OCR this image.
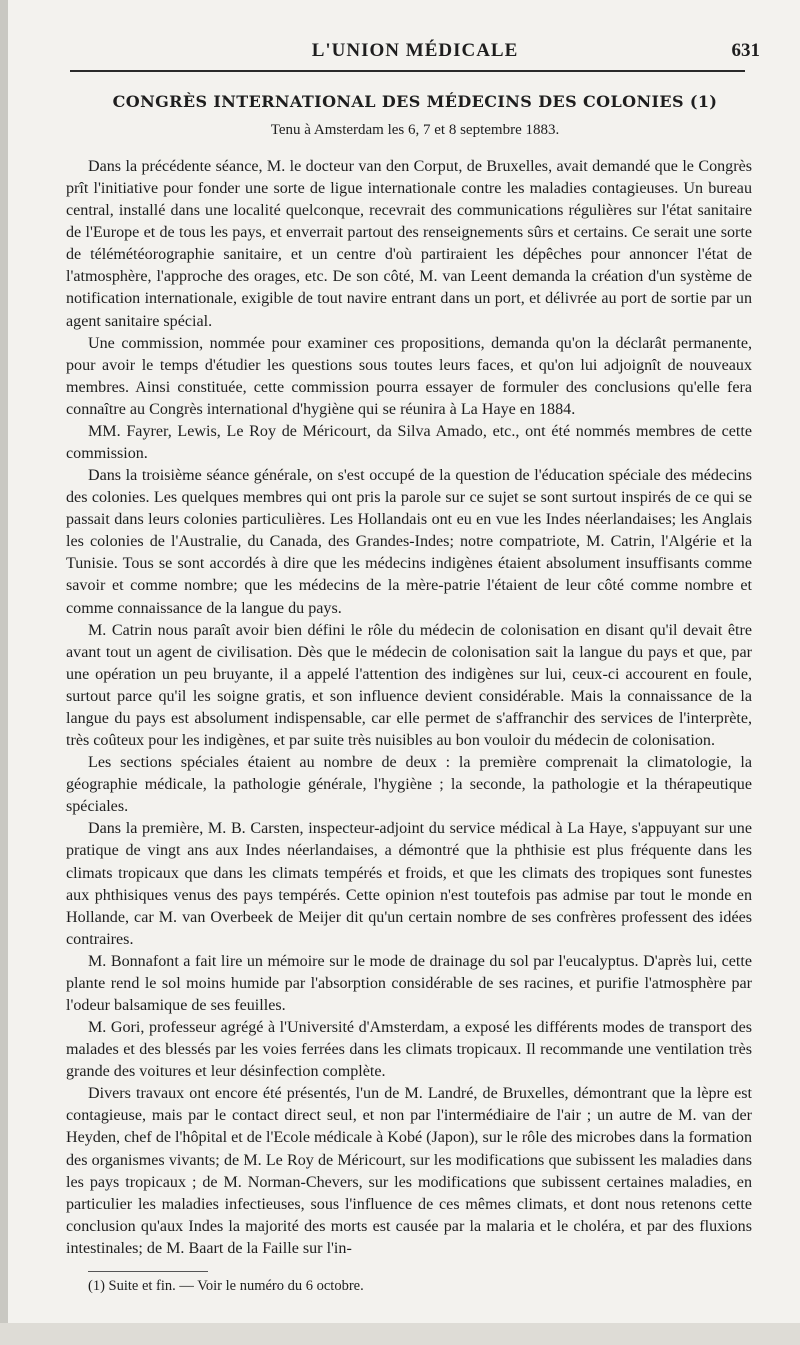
L'UNION MÉDICALE	631
CONGRÈS INTERNATIONAL DES MÉDECINS DES COLONIES (1)
Tenu à Amsterdam les 6, 7 et 8 septembre 1883.

Dans la précédente séance, M. le docteur van den Corput, de Bruxelles, avait demandé que le Congrès prît l'initiative pour fonder une sorte de ligue internationale contre les maladies contagieuses. Un bureau central, installé dans une localité quelconque, recevrait des communications régulières sur l'état sanitaire de l'Europe et de tous les pays, et enverrait partout des renseignements sûrs et certains. Ce serait une sorte de télémétéorographie sanitaire, et un centre d'où partiraient les dépêches pour annoncer l'état de l'atmosphère, l'approche des orages, etc. De son côté, M. van Leent demanda la création d'un système de notification internationale, exigible de tout navire entrant dans un port, et délivrée au port de sortie par un agent sanitaire spécial.

Une commission, nommée pour examiner ces propositions, demanda qu'on la déclarât permanente, pour avoir le temps d'étudier les questions sous toutes leurs faces, et qu'on lui adjoignît de nouveaux membres. Ainsi constituée, cette commission pourra essayer de formuler des conclusions qu'elle fera connaître au Congrès international d'hygiène qui se réunira à La Haye en 1884.

MM. Fayrer, Lewis, Le Roy de Méricourt, da Silva Amado, etc., ont été nommés membres de cette commission.

Dans la troisième séance générale, on s'est occupé de la question de l'éducation spéciale des médecins des colonies. Les quelques membres qui ont pris la parole sur ce sujet se sont surtout inspirés de ce qui se passait dans leurs colonies particulières. Les Hollandais ont eu en vue les Indes néerlandaises; les Anglais les colonies de l'Australie, du Canada, des Grandes-Indes; notre compatriote, M. Catrin, l'Algérie et la Tunisie. Tous se sont accordés à dire que les médecins indigènes étaient absolument insuffisants comme savoir et comme nombre; que les médecins de la mère-patrie l'étaient de leur côté comme nombre et comme connaissance de la langue du pays.

M. Catrin nous paraît avoir bien défini le rôle du médecin de colonisation en disant qu'il devait être avant tout un agent de civilisation. Dès que le médecin de colonisation sait la langue du pays et que, par une opération un peu bruyante, il a appelé l'attention des indigènes sur lui, ceux-ci accourent en foule, surtout parce qu'il les soigne gratis, et son influence devient considérable. Mais la connaissance de la langue du pays est absolument indispensable, car elle permet de s'affranchir des services de l'interprète, très coûteux pour les indigènes, et par suite très nuisibles au bon vouloir du médecin de colonisation.

Les sections spéciales étaient au nombre de deux : la première comprenait la climatologie, la géographie médicale, la pathologie générale, l'hygiène ; la seconde, la pathologie et la thérapeutique spéciales.

Dans la première, M. B. Carsten, inspecteur-adjoint du service médical à La Haye, s'appuyant sur une pratique de vingt ans aux Indes néerlandaises, a démontré que la phthisie est plus fréquente dans les climats tropicaux que dans les climats tempérés et froids, et que les climats des tropiques sont funestes aux phthisiques venus des pays tempérés. Cette opinion n'est toutefois pas admise par tout le monde en Hollande, car M. van Overbeek de Meijer dit qu'un certain nombre de ses confrères professent des idées contraires.

M. Bonnafont a fait lire un mémoire sur le mode de drainage du sol par l'eucalyptus. D'après lui, cette plante rend le sol moins humide par l'absorption considérable de ses racines, et purifie l'atmosphère par l'odeur balsamique de ses feuilles.

M. Gori, professeur agrégé à l'Université d'Amsterdam, a exposé les différents modes de transport des malades et des blessés par les voies ferrées dans les climats tropicaux. Il recommande une ventilation très grande des voitures et leur désinfection complète.

Divers travaux ont encore été présentés, l'un de M. Landré, de Bruxelles, démontrant que la lèpre est contagieuse, mais par le contact direct seul, et non par l'intermédiaire de l'air ; un autre de M. van der Heyden, chef de l'hôpital et de l'Ecole médicale à Kobé (Japon), sur le rôle des microbes dans la formation des organismes vivants; de M. Le Roy de Méricourt, sur les modifications que subissent les maladies dans les pays tropicaux ; de M. Norman-Chevers, sur les modifications que subissent certaines maladies, en particulier les maladies infectieuses, sous l'influence de ces mêmes climats, et dont nous retenons cette conclusion qu'aux Indes la majorité des morts est causée par la malaria et le choléra, et par des fluxions intestinales; de M. Baart de la Faille sur l'in-

(1) Suite et fin. — Voir le numéro du 6 octobre.
